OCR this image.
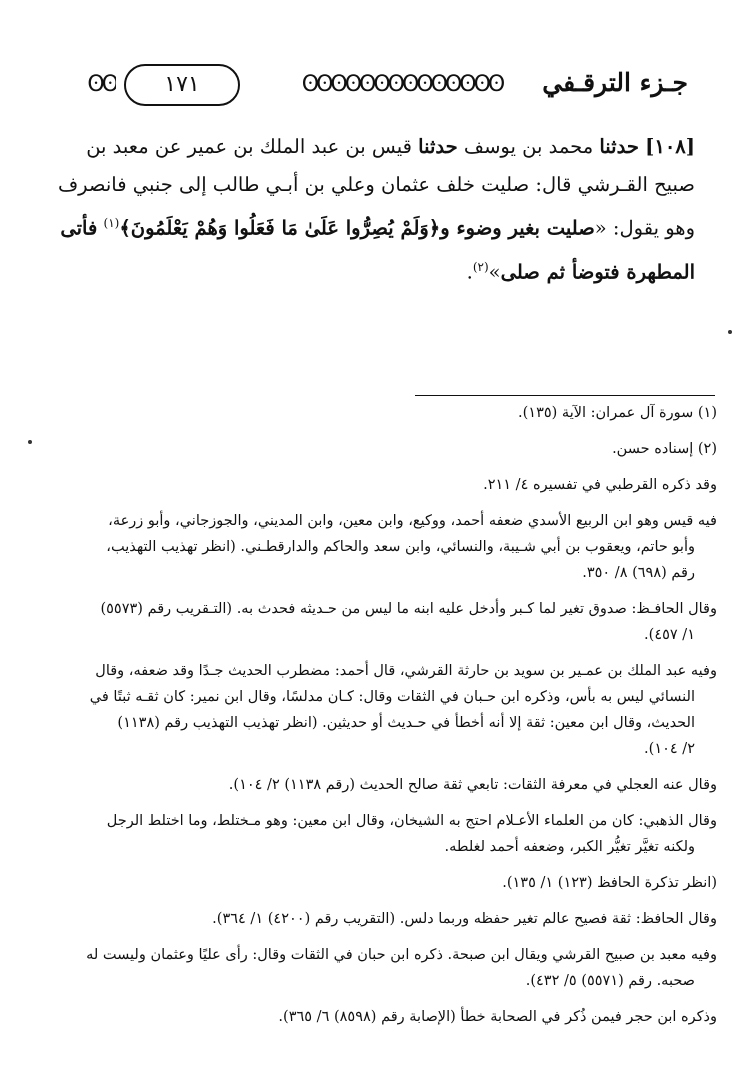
جـزء الترقـفي
ʘʘʘʘʘʘʘʘʘʘʘʘʘʘ
١٧١
ʘʘ

[١٠٨] حدثنا محمد بن يوسف حدثنا قيس بن عبد الملك بن عمير عن معبد بن

صبيح القـرشي قال: صليت خلف عثمان وعلي بن أبـي طالب إلى جنبي فانصرف

وهو يقول: «صليت بغير وضوء و﴿وَلَمْ يُصِرُّوا عَلَىٰ مَا فَعَلُوا وَهُمْ يَعْلَمُونَ﴾$^{(١)}$ فأتى

المطهرة فتوضأ ثم صلى»$^{(٢)}$.

(١) سورة آل عمران: الآية (١٣٥).

(٢) إسناده حسن.

وقد ذكره القرطبي في تفسيره ٤/ ٢١١.

فيه قيس وهو ابن الربيع الأسدي ضعفه أحمد، ووكيع، وابن معين، وابن المديني، والجوزجاني، وأبو زرعة،
وأبو حاتم، ويعقوب بن أبي شـيبة، والنسائي، وابن سعد والحاكم والدارقطـني. (انظر تهذيب التهذيب،
رقم (٦٩٨) ٨/ ٣٥٠.

وقال الحافـظ: صدوق تغير لما كـبر وأدخل عليه ابنه ما ليس من حـديثه فحدث به. (التـقريب رقم (٥٥٧٣)
١/ ٤٥٧).

وفيه عبد الملك بن عمـير بن سويد بن حارثة القرشي، قال أحمد: مضطرب الحديث جـدًا وقد ضعفه، وقال
النسائي ليس به بأس، وذكره ابن حـبان في الثقات وقال: كـان مدلسًا، وقال ابن نمير: كان ثقـه ثبتًا في
الحديث، وقال ابن معين: ثقة إلا أنه أخطأ في حـديث أو حديثين. (انظر تهذيب التهذيب رقم (١١٣٨)
٢/ ١٠٤).

وقال عنه العجلي في معرفة الثقات: تابعي ثقة صالح الحديث (رقم ١١٣٨) ٢/ ١٠٤).

وقال الذهبي: كان من العلماء الأعـلام احتج به الشيخان، وقال ابن معين: وهو مـختلط، وما اختلط الرجل
ولكنه تغيَّر تغيُّر الكبر، وضعفه أحمد لغلطه.

(انظر تذكرة الحافظ (١٢٣) ١/ ١٣٥).

وقال الحافظ: ثقة فصيح عالم تغير حفظه وربما دلس. (التقريب رقم (٤٢٠٠) ١/ ٣٦٤).

وفيه معبد بن صبيح القرشي ويقال ابن صبحة. ذكره ابن حبان في الثقات وقال: رأى عليًا وعثمان وليست له
صحبه. رقم (٥٥٧١) ٥/ ٤٣٢).

وذكره ابن حجر فيمن ذُكر في الصحابة خطأ (الإصابة رقم (٨٥٩٨) ٦/ ٣٦٥).
